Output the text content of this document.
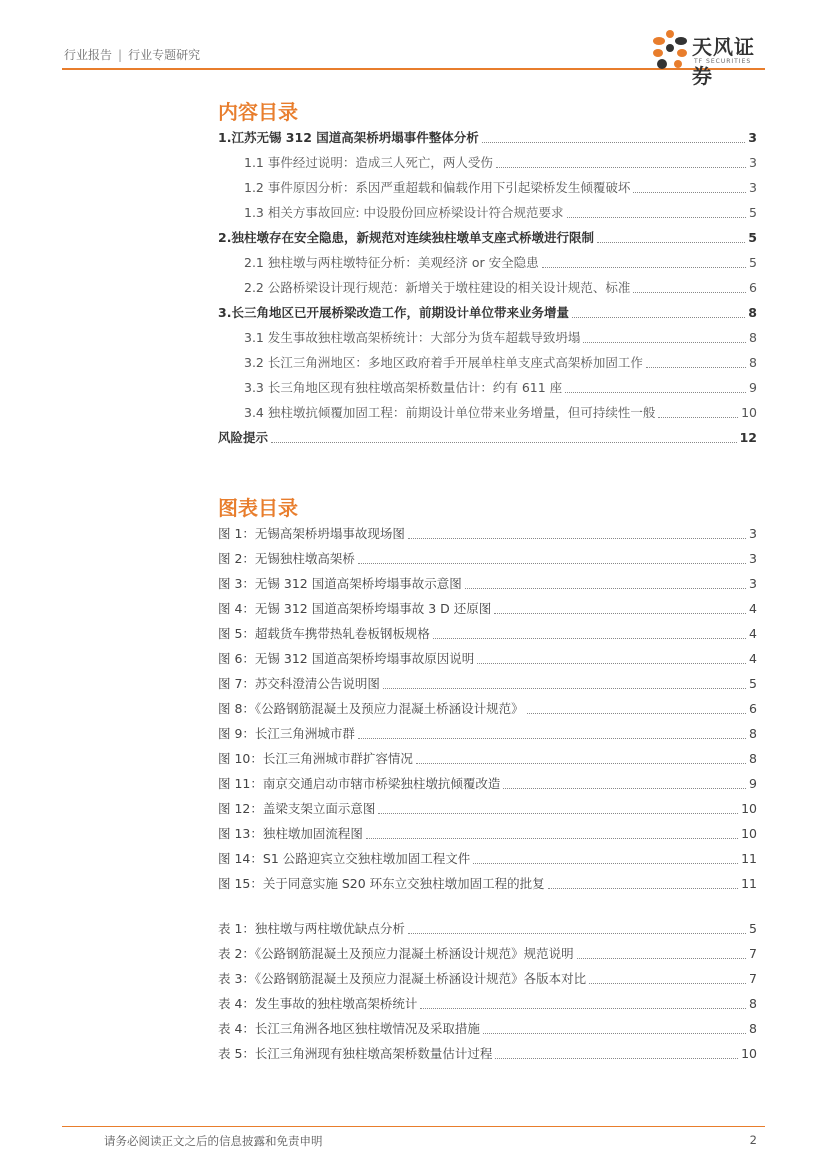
行业报告 | 行业专题研究	天风证券
TF SECURITIES
内容目录
1.江苏无锡 312 国道高架桥坍塌事件整体分析	3
1.1 事件经过说明：造成三人死亡，两人受伤	3
1.2 事件原因分析：系因严重超载和偏载作用下引起梁桥发生倾覆破坏	3
1.3 相关方事故回应: 中设股份回应桥梁设计符合规范要求	5
2.独柱墩存在安全隐患，新规范对连续独柱墩单支座式桥墩进行限制	5
2.1 独柱墩与两柱墩特征分析：美观经济 or 安全隐患	5
2.2 公路桥梁设计现行规范：新增关于墩柱建设的相关设计规范、标准	6
3.长三角地区已开展桥梁改造工作，前期设计单位带来业务增量	8
3.1 发生事故独柱墩高架桥统计：大部分为货车超载导致坍塌	8
3.2 长江三角洲地区：多地区政府着手开展单柱单支座式高架桥加固工作	8
3.3 长三角地区现有独柱墩高架桥数量估计：约有 611 座	9
3.4 独柱墩抗倾覆加固工程：前期设计单位带来业务增量，但可持续性一般	10
风险提示	12
图表目录
图 1：无锡高架桥坍塌事故现场图	3
图 2：无锡独柱墩高架桥	3
图 3：无锡 312 国道高架桥垮塌事故示意图	3
图 4：无锡 312 国道高架桥垮塌事故 3 D 还原图	4
图 5：超载货车携带热轧卷板钢板规格	4
图 6：无锡 312 国道高架桥垮塌事故原因说明	4
图 7：苏交科澄清公告说明图	5
图 8：《公路钢筋混凝土及预应力混凝土桥涵设计规范》	6
图 9：长江三角洲城市群	8
图 10：长江三角洲城市群扩容情况	8
图 11：南京交通启动市辖市桥梁独柱墩抗倾覆改造	9
图 12：盖梁支架立面示意图	10
图 13：独柱墩加固流程图	10
图 14：S1 公路迎宾立交独柱墩加固工程文件	11
图 15：关于同意实施 S20 环东立交独柱墩加固工程的批复	11
表 1：独柱墩与两柱墩优缺点分析	5
表 2：《公路钢筋混凝土及预应力混凝土桥涵设计规范》规范说明	7
表 3：《公路钢筋混凝土及预应力混凝土桥涵设计规范》各版本对比	7
表 4：发生事故的独柱墩高架桥统计	8
表 4：长江三角洲各地区独柱墩情况及采取措施	8
表 5：长江三角洲现有独柱墩高架桥数量估计过程	10
请务必阅读正文之后的信息披露和免责申明	2
